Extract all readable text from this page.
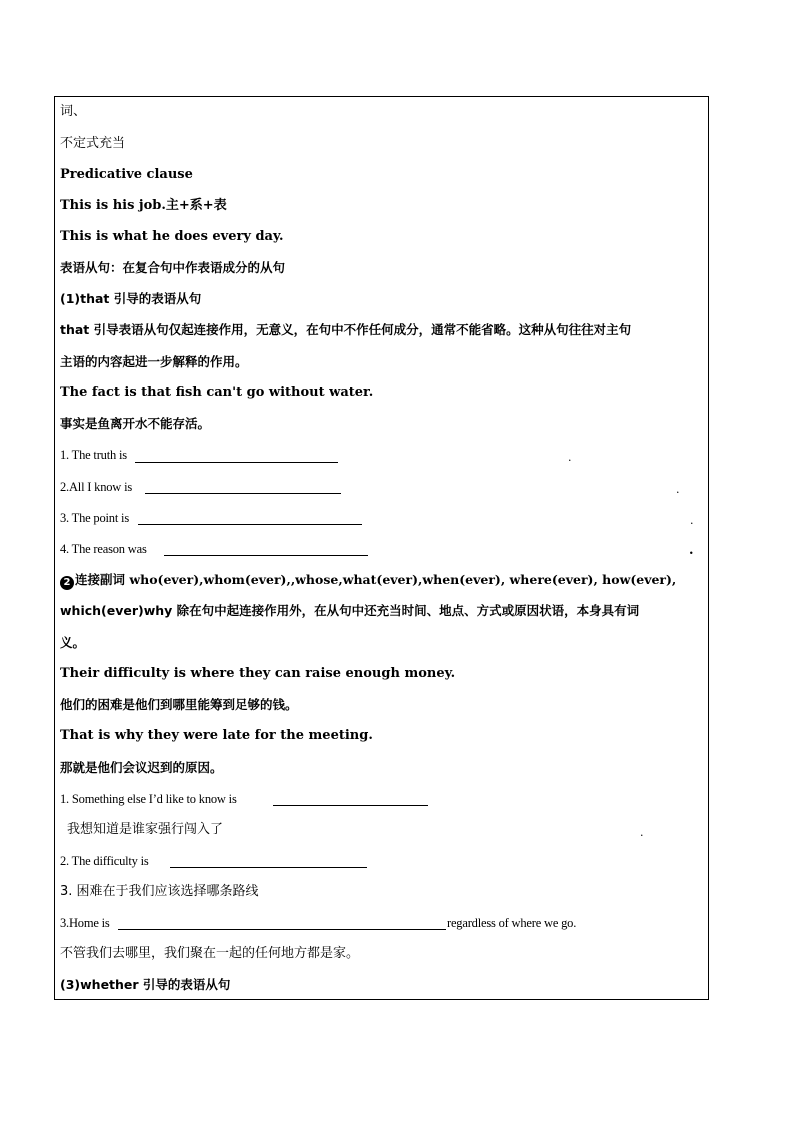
词、
不定式充当
Predicative clause
This is his job.主+系+表
This is what he does every day.
表语从句：在复合句中作表语成分的从句
(1)that 引导的表语从句
that 引导表语从句仅起连接作用，无意义，在句中不作任何成分，通常不能省略。这种从句往往对主句
主语的内容起进一步解释的作用。
The fact is that fish can't go without water.
事实是鱼离开水不能存活。
1. The truth is	.
2.All I know is	.
3. The point is	.
4. The reason was	.
2 连接副词 who(ever),whom(ever),,whose,what(ever),when(ever), where(ever), how(ever),
which(ever)why 除在句中起连接作用外，在从句中还充当时间、地点、方式或原因状语，本身具有词
义。
Their difficulty is where they can raise enough money.
他们的困难是他们到哪里能筹到足够的钱。
That is why they were late for the meeting.
那就是他们会议迟到的原因。
1. Something else I’d like to know is
我想知道是谁家强行闯入了	.
2. The difficulty is
3. 困难在于我们应该选择哪条路线
3.Home is	regardless of where we go.
不管我们去哪里，我们聚在一起的任何地方都是家。
(3)whether 引导的表语从句
